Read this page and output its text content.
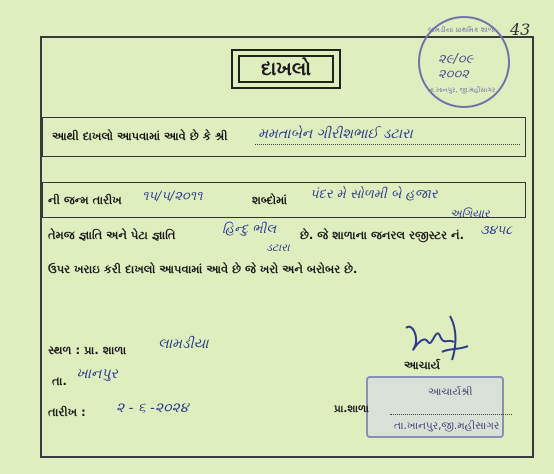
43
લામડીયા પ્રાથમિક શાળા
૨૯/૦૯ ૨૦૦૨
તા.ખાનપુર, જી.મહીસાગર
દાખલો
આથી દાખલો આપવામાં આવે છે કે શ્રી મમતાબેન ગીરીશભાઈ ડટારા
ની જન્મ તારીખ ૧૫/૫/૨૦૧૧	શબ્દોમાં પંદર મે સોળમી બે હજાર
અગિયાર
તેમજ જ્ઞાતિ અને પેટા જ્ઞાતિ	હિન્દુ ભીલ
ડટારા
છે. જે શાળાના જનરલ રજીસ્ટર નં. ૩૪૫૮
ઉપર ખરાઇ કરી દાખલો આપવામાં આવે છે જે ખરો અને બરોબર છે.
સ્થળ : પ્રા. શાળા લામડીયા
તા. ખાનપુર
તારીખ : ૨ - ૬ -૨૦૨૪
આચાર્ય
આચાર્યશ્રી
પ્રા.શાળા
તા.ખાનપુર,જી.મહીસાગર
